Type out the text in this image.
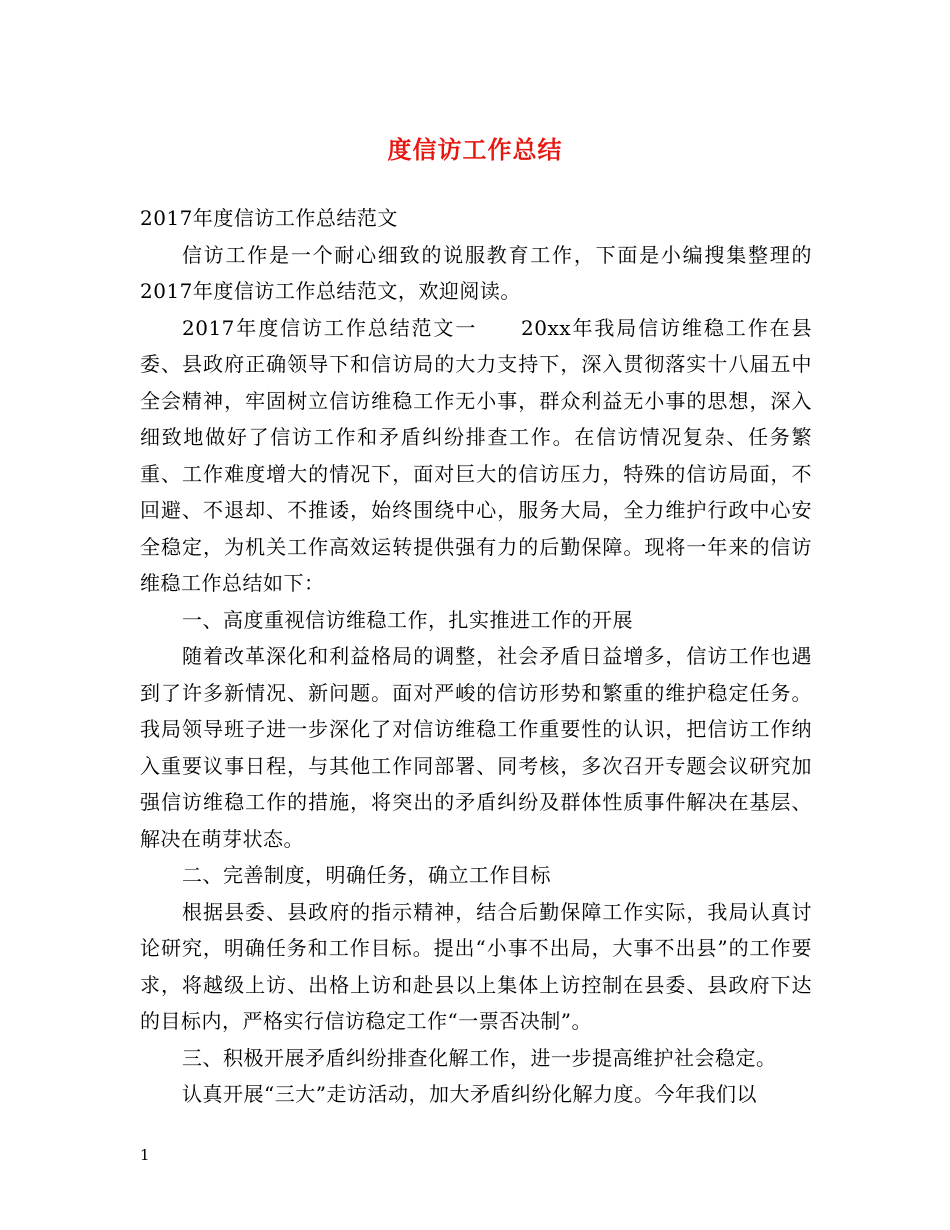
度信访工作总结

2017年度信访工作总结范文

信访工作是一个耐心细致的说服教育工作，下面是小编搜集整理的2017年度信访工作总结范文，欢迎阅读。

2017年度信访工作总结范文一　　20xx年我局信访维稳工作在县委、县政府正确领导下和信访局的大力支持下，深入贯彻落实十八届五中全会精神，牢固树立信访维稳工作无小事，群众利益无小事的思想，深入细致地做好了信访工作和矛盾纠纷排查工作。在信访情况复杂、任务繁重、工作难度增大的情况下，面对巨大的信访压力，特殊的信访局面，不回避、不退却、不推诿，始终围绕中心，服务大局，全力维护行政中心安全稳定，为机关工作高效运转提供强有力的后勤保障。现将一年来的信访维稳工作总结如下：

一、高度重视信访维稳工作，扎实推进工作的开展

随着改革深化和利益格局的调整，社会矛盾日益增多，信访工作也遇到了许多新情况、新问题。面对严峻的信访形势和繁重的维护稳定任务。我局领导班子进一步深化了对信访维稳工作重要性的认识，把信访工作纳入重要议事日程，与其他工作同部署、同考核，多次召开专题会议研究加强信访维稳工作的措施，将突出的矛盾纠纷及群体性质事件解决在基层、解决在萌芽状态。

二、完善制度，明确任务，确立工作目标

根据县委、县政府的指示精神，结合后勤保障工作实际，我局认真讨论研究，明确任务和工作目标。提出“小事不出局，大事不出县”的工作要求，将越级上访、出格上访和赴县以上集体上访控制在县委、县政府下达的目标内，严格实行信访稳定工作“一票否决制”。

三、积极开展矛盾纠纷排查化解工作，进一步提高维护社会稳定。

认真开展“三大”走访活动，加大矛盾纠纷化解力度。今年我们以

1
